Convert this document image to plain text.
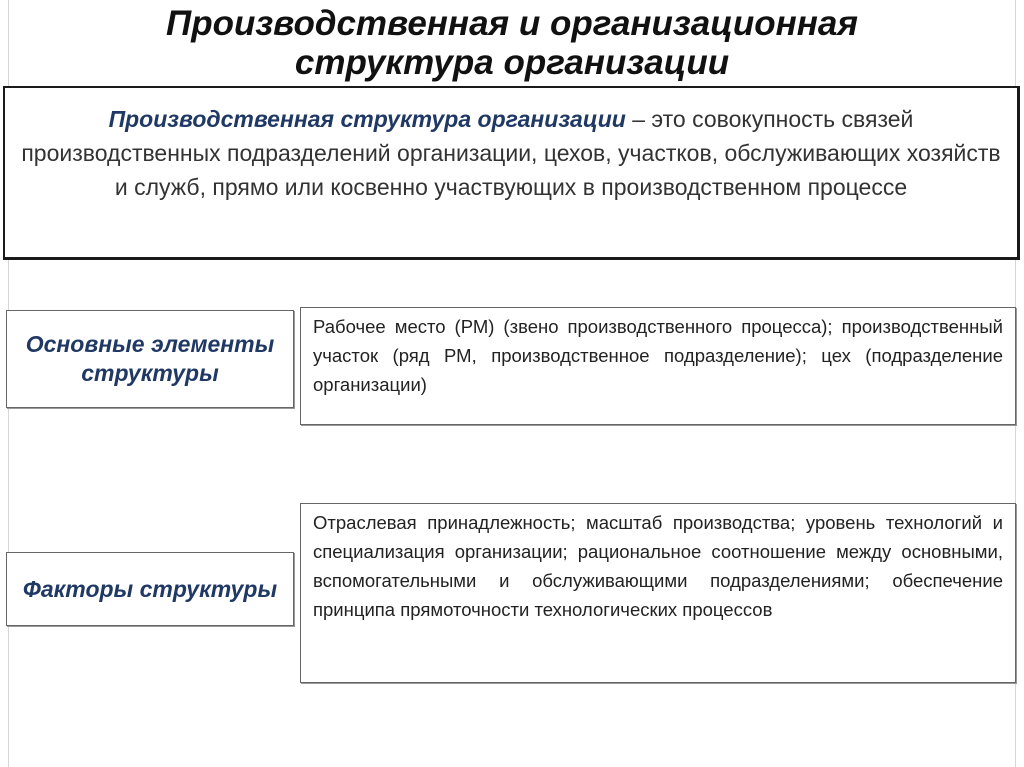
Производственная и организационная
структура организации
Производственная структура организации – это совокупность связей производственных подразделений организации, цехов, участков, обслуживающих хозяйств и служб, прямо или косвенно участвующих в производственном процессе
Основные элементы структуры
Рабочее место (РМ) (звено производственного процесса); производственный участок (ряд РМ, производственное подразделение); цех (подразделение организации)
Факторы структуры
Отраслевая принадлежность; масштаб производства; уровень технологий и специализация организации; рациональное соотношение между основными, вспомогательными и обслуживающими подразделениями; обеспечение принципа прямоточности технологических процессов
